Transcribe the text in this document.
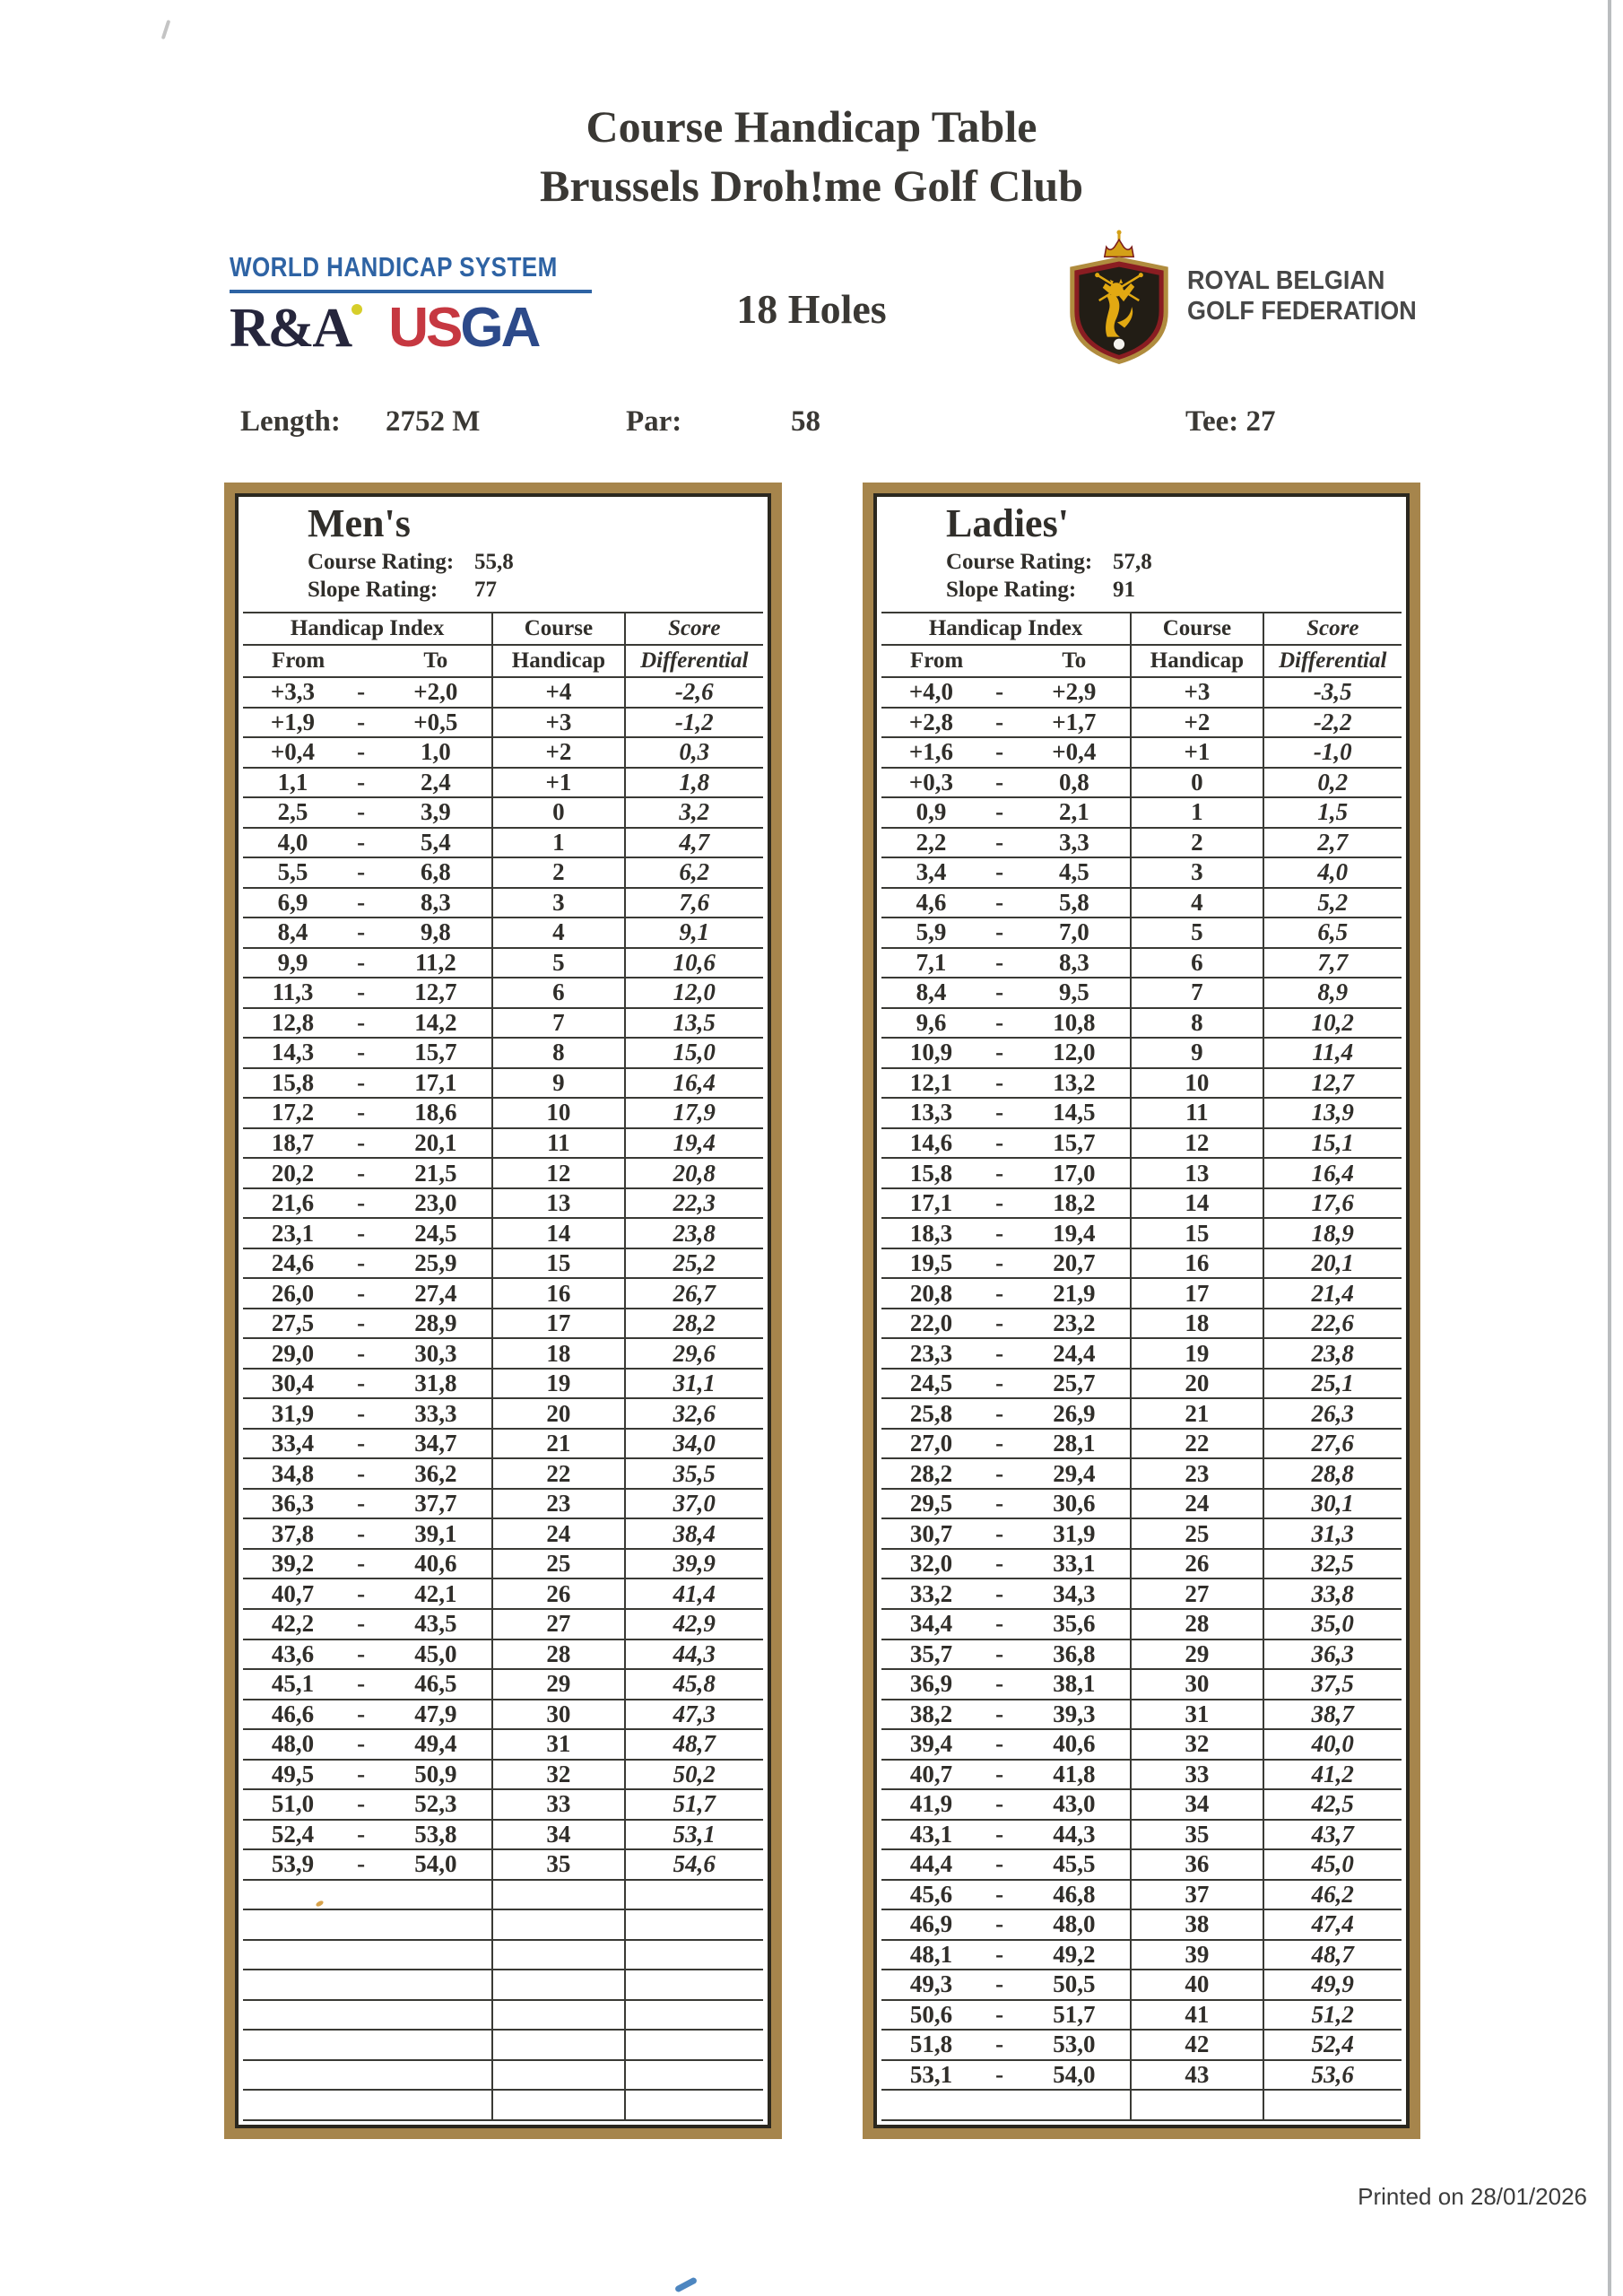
Course Handicap Table
Brussels Droh!me Golf Club
18 Holes
WORLD HANDICAP SYSTEM
R&A USGA
ROYAL BELGIAN
GOLF FEDERATION
Length: 2752 M	Par:	58	Tee: 27
Men's
Course Rating: 55,8
Slope Rating:	77
Handicap Index	Course	Score
From	To	Handicap	Differential
+3,3	-	+2,0	+4	-2,6
+1,9	-	+0,5	+3	-1,2
+0,4	-	1,0	+2	0,3
1,1	-	2,4	+1	1,8
2,5	-	3,9	0	3,2
4,0	-	5,4	1	4,7
5,5	-	6,8	2	6,2
6,9	-	8,3	3	7,6
8,4	-	9,8	4	9,1
9,9	-	11,2	5	10,6
11,3	-	12,7	6	12,0
12,8	-	14,2	7	13,5
14,3	-	15,7	8	15,0
15,8	-	17,1	9	16,4
17,2	-	18,6	10	17,9
18,7	-	20,1	11	19,4
20,2	-	21,5	12	20,8
21,6	-	23,0	13	22,3
23,1	-	24,5	14	23,8
24,6	-	25,9	15	25,2
26,0	-	27,4	16	26,7
27,5	-	28,9	17	28,2
29,0	-	30,3	18	29,6
30,4	-	31,8	19	31,1
31,9	-	33,3	20	32,6
33,4	-	34,7	21	34,0
34,8	-	36,2	22	35,5
36,3	-	37,7	23	37,0
37,8	-	39,1	24	38,4
39,2	-	40,6	25	39,9
40,7	-	42,1	26	41,4
42,2	-	43,5	27	42,9
43,6	-	45,0	28	44,3
45,1	-	46,5	29	45,8
46,6	-	47,9	30	47,3
48,0	-	49,4	31	48,7
49,5	-	50,9	32	50,2
51,0	-	52,3	33	51,7
52,4	-	53,8	34	53,1
53,9	-	54,0	35	54,6
Ladies'
Course Rating: 57,8
Slope Rating:	91
Handicap Index	Course	Score
From	To	Handicap	Differential
+4,0	-	+2,9	+3	-3,5
+2,8	-	+1,7	+2	-2,2
+1,6	-	+0,4	+1	-1,0
+0,3	-	0,8	0	0,2
0,9	-	2,1	1	1,5
2,2	-	3,3	2	2,7
3,4	-	4,5	3	4,0
4,6	-	5,8	4	5,2
5,9	-	7,0	5	6,5
7,1	-	8,3	6	7,7
8,4	-	9,5	7	8,9
9,6	-	10,8	8	10,2
10,9	-	12,0	9	11,4
12,1	-	13,2	10	12,7
13,3	-	14,5	11	13,9
14,6	-	15,7	12	15,1
15,8	-	17,0	13	16,4
17,1	-	18,2	14	17,6
18,3	-	19,4	15	18,9
19,5	-	20,7	16	20,1
20,8	-	21,9	17	21,4
22,0	-	23,2	18	22,6
23,3	-	24,4	19	23,8
24,5	-	25,7	20	25,1
25,8	-	26,9	21	26,3
27,0	-	28,1	22	27,6
28,2	-	29,4	23	28,8
29,5	-	30,6	24	30,1
30,7	-	31,9	25	31,3
32,0	-	33,1	26	32,5
33,2	-	34,3	27	33,8
34,4	-	35,6	28	35,0
35,7	-	36,8	29	36,3
36,9	-	38,1	30	37,5
38,2	-	39,3	31	38,7
39,4	-	40,6	32	40,0
40,7	-	41,8	33	41,2
41,9	-	43,0	34	42,5
43,1	-	44,3	35	43,7
44,4	-	45,5	36	45,0
45,6	-	46,8	37	46,2
46,9	-	48,0	38	47,4
48,1	-	49,2	39	48,7
49,3	-	50,5	40	49,9
50,6	-	51,7	41	51,2
51,8	-	53,0	42	52,4
53,1	-	54,0	43	53,6
Printed on 28/01/2026
